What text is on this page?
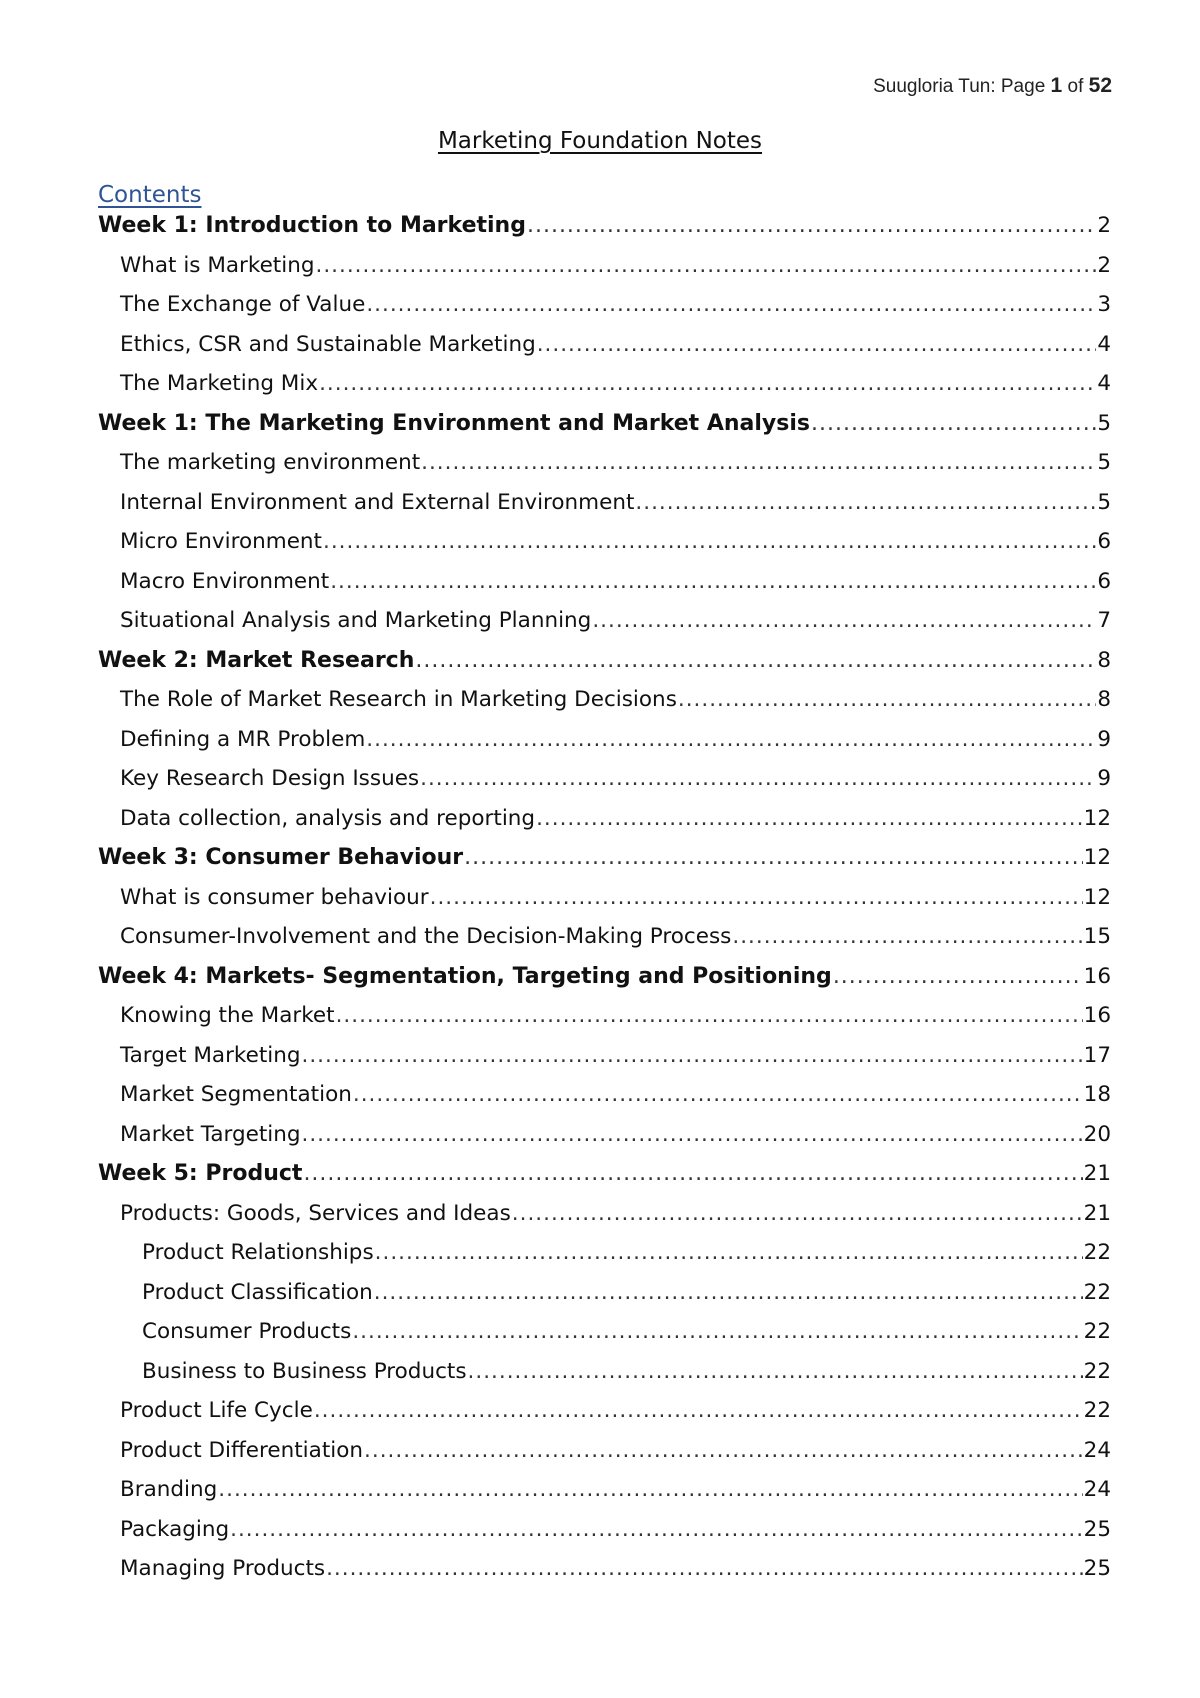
Suugloria Tun: Page 1 of 52
Marketing Foundation Notes
Contents
Week 1: Introduction to Marketing .....	2
What is Marketing .....	2
The Exchange of Value .....	3
Ethics, CSR and Sustainable Marketing .....	4
The Marketing Mix .....	4
Week 1: The Marketing Environment and Market Analysis .....	5
The marketing environment .....	5
Internal Environment and External Environment .....	5
Micro Environment .....	6
Macro Environment .....	6
Situational Analysis and Marketing Planning .....	7
Week 2: Market Research .....	8
The Role of Market Research in Marketing Decisions .....	8
Defining a MR Problem .....	9
Key Research Design Issues .....	9
Data collection, analysis and reporting .....	12
Week 3: Consumer Behaviour .....	12
What is consumer behaviour .....	12
Consumer-Involvement and the Decision-Making Process .....	15
Week 4: Markets- Segmentation, Targeting and Positioning .....	16
Knowing the Market .....	16
Target Marketing .....	17
Market Segmentation .....	18
Market Targeting .....	20
Week 5: Product .....	21
Products: Goods, Services and Ideas .....	21
Product Relationships .....	22
Product Classification .....	22
Consumer Products .....	22
Business to Business Products .....	22
Product Life Cycle .....	22
Product Differentiation .....	24
Branding .....	24
Packaging .....	25
Managing Products .....	25
